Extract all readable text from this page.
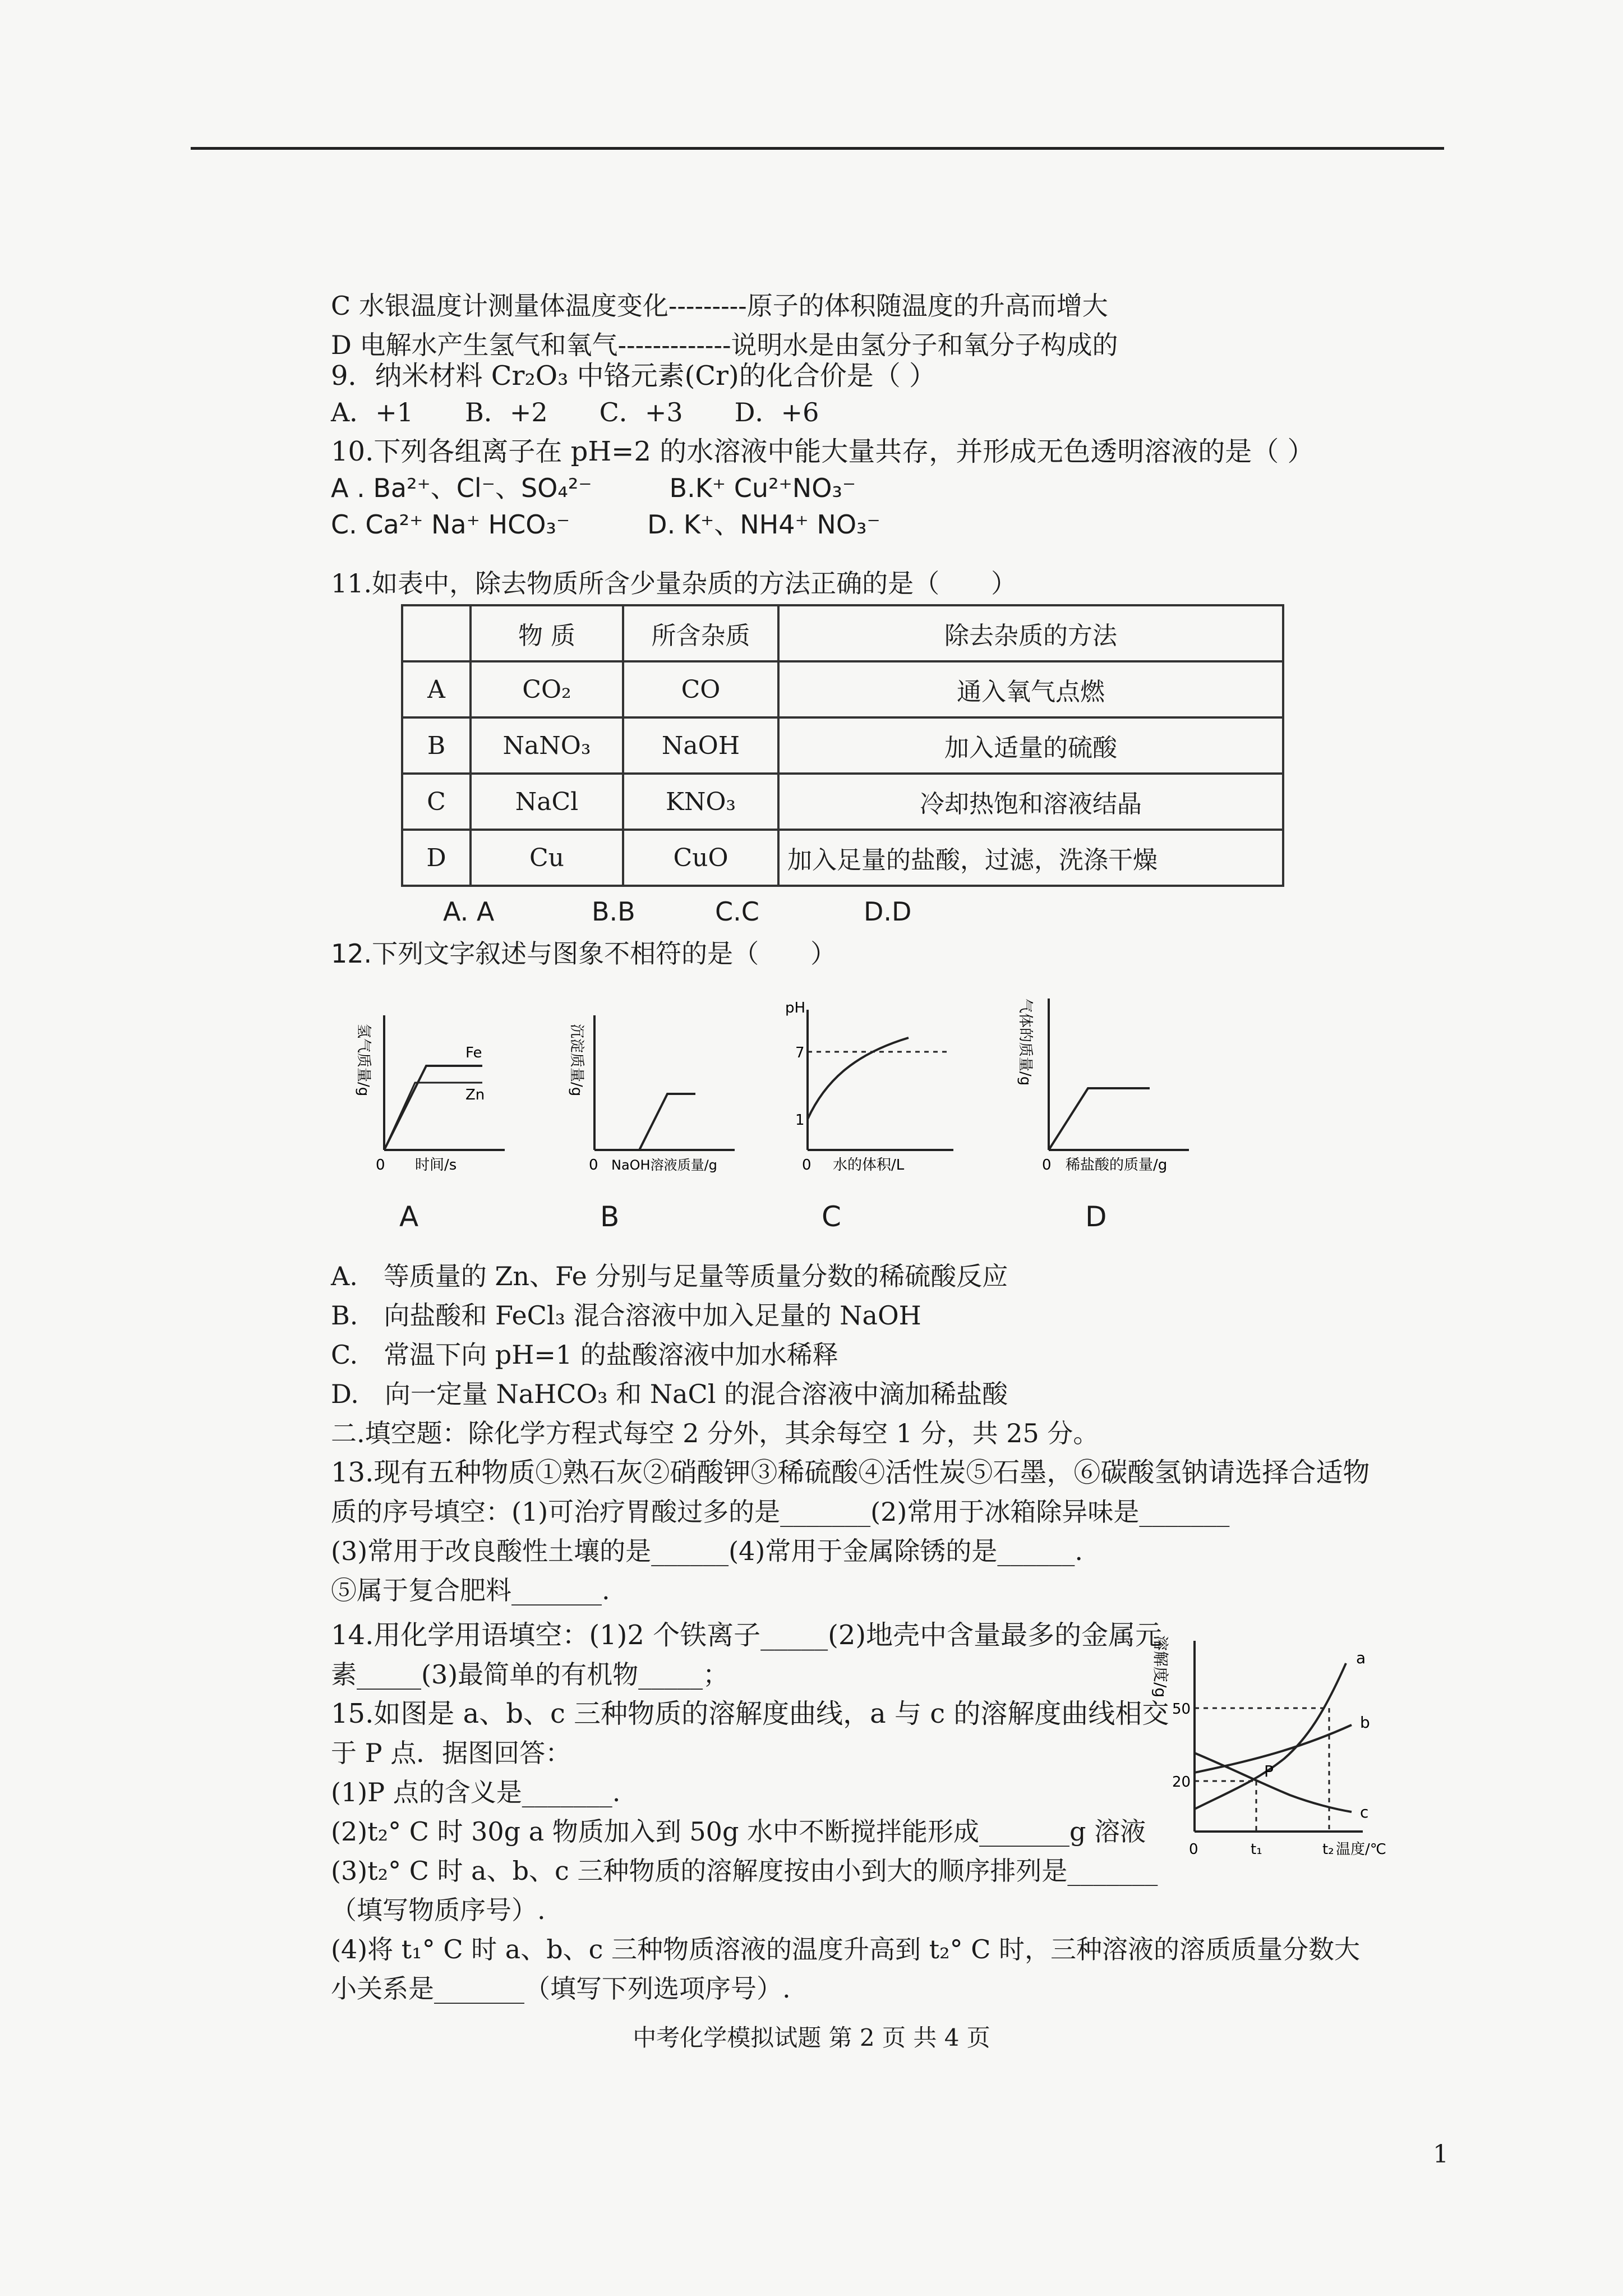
C 水银温度计测量体温度变化---------原子的体积随温度的升高而增大
D 电解水产生氢气和氧气-------------说明水是由氢分子和氧分子构成的
9．纳米材料 Cr₂O₃ 中铬元素(Cr)的化合价是（ ）
A．+1　　B．+2　　C．+3　　D．+6
10.下列各组离子在 pH=2 的水溶液中能大量共存，并形成无色透明溶液的是（ ）
A . Ba²⁺、Cl⁻、SO₄²⁻　　　B.K⁺ Cu²⁺NO₃⁻
C. Ca²⁺ Na⁺ HCO₃⁻　　　D. K⁺、NH4⁺ NO₃⁻
11.如表中，除去物质所含少量杂质的方法正确的是（　　）
	物 质	所含杂质	除去杂质的方法
A	CO₂	CO	通入氧气点燃
B	NaNO₃	NaOH	加入适量的硫酸
C	NaCl	KNO₃	冷却热饱和溶液结晶
D	Cu	CuO	加入足量的盐酸，过滤，洗涤干燥
A. A	B.B	C.C	D.D
12.下列文字叙述与图象不相符的是（　　）
氢气质量/g	Fe
Zn
0 时间/s
A
沉淀质量/g
0 NaOH溶液质量/g
B
pH
7
1
0 水的体积/L
C
气体的质量/g
0 稀盐酸的质量/g
D
A.　等质量的 Zn、Fe 分别与足量等质量分数的稀硫酸反应
B.　向盐酸和 FeCl₃ 混合溶液中加入足量的 NaOH
C.　常温下向 pH=1 的盐酸溶液中加水稀释
D.　向一定量 NaHCO₃ 和 NaCl 的混合溶液中滴加稀盐酸
二.填空题：除化学方程式每空 2 分外，其余每空 1 分，共 25 分。
13.现有五种物质①熟石灰②硝酸钾③稀硫酸④活性炭⑤石墨，⑥碳酸氢钠请选择合适物
质的序号填空：(1)可治疗胃酸过多的是_______(2)常用于冰箱除异味是_______
(3)常用于改良酸性土壤的是______(4)常用于金属除锈的是______.
⑤属于复合肥料_______.
14.用化学用语填空：(1)2 个铁离子_____(2)地壳中含量最多的金属元
素_____(3)最简单的有机物_____；
15.如图是 a、b、c 三种物质的溶解度曲线，a 与 c 的溶解度曲线相交
于 P 点．据图回答：
(1)P 点的含义是_______.
(2)t₂° C 时 30g a 物质加入到 50g 水中不断搅拌能形成_______g 溶液
(3)t₂° C 时 a、b、c 三种物质的溶解度按由小到大的顺序排列是_______
（填写物质序号）.
(4)将 t₁° C 时 a、b、c 三种物质溶液的温度升高到 t₂° C 时，三种溶液的溶质质量分数大
小关系是_______（填写下列选项序号）.
溶解度/g	a
b
c
P
50
20
0	t₁	t₂ 温度/℃
中考化学模拟试题 第 2 页 共 4 页
1
